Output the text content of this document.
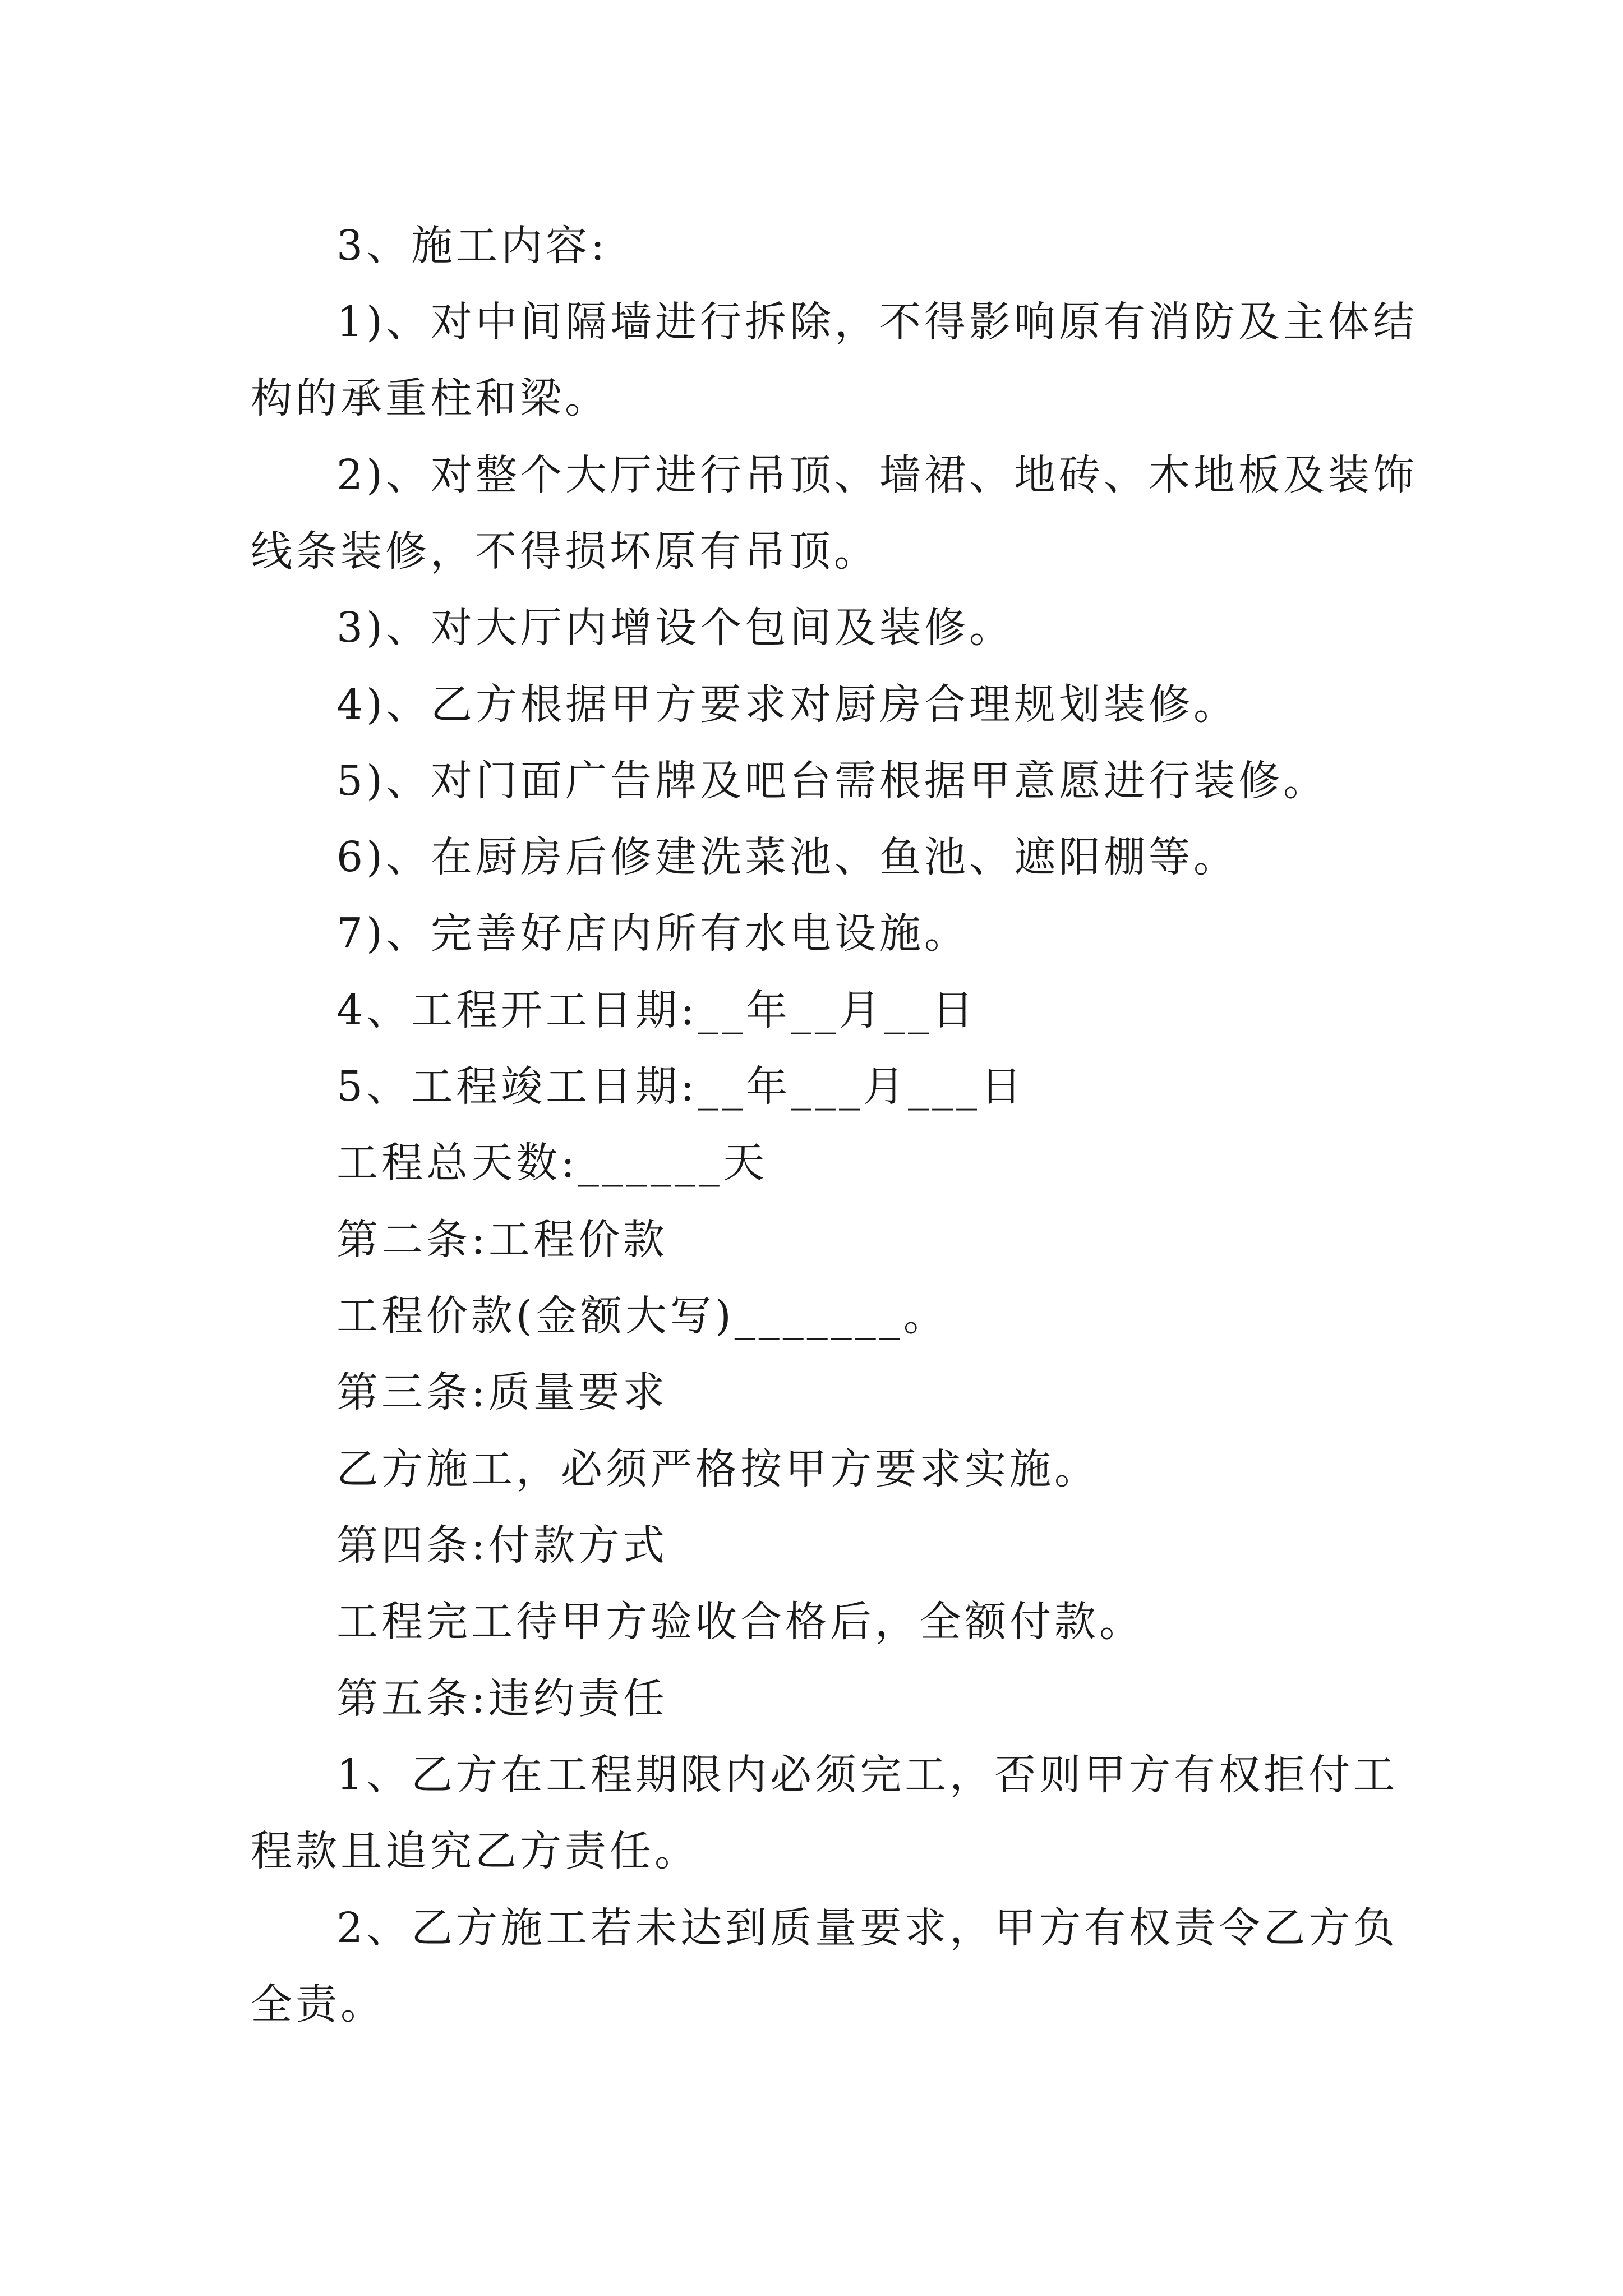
3、施工内容:
1)、对中间隔墙进行拆除，不得影响原有消防及主体结
构的承重柱和梁。
2)、对整个大厅进行吊顶、墙裙、地砖、木地板及装饰
线条装修，不得损坏原有吊顶。
3)、对大厅内增设个包间及装修。
4)、乙方根据甲方要求对厨房合理规划装修。
5)、对门面广告牌及吧台需根据甲意愿进行装修。
6)、在厨房后修建洗菜池、鱼池、遮阳棚等。
7)、完善好店内所有水电设施。
4、工程开工日期:__年__月__日
5、工程竣工日期:__年___月___日
工程总天数:______天
第二条:工程价款
工程价款(金额大写)_______。
第三条:质量要求
乙方施工，必须严格按甲方要求实施。
第四条:付款方式
工程完工待甲方验收合格后，全额付款。
第五条:违约责任
1、乙方在工程期限内必须完工，否则甲方有权拒付工
程款且追究乙方责任。
2、乙方施工若未达到质量要求，甲方有权责令乙方负
全责。
